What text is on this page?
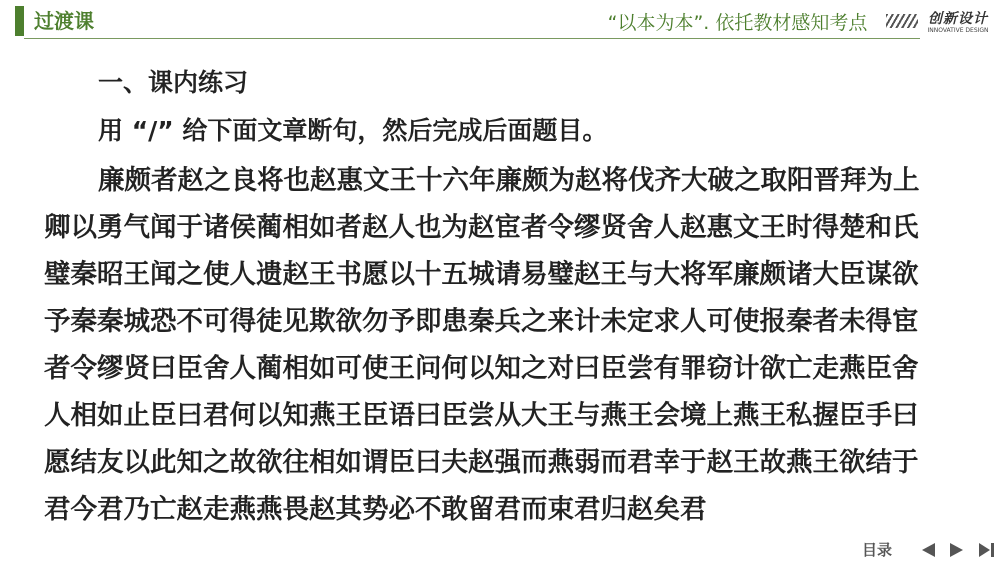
过渡课	“以本为本”. 依托教材感知考点	创新设计
INNOVATIVE DESIGN
一、课内练习
用 “/” 给下面文章断句，然后完成后面题目。
廉颇者赵之良将也赵惠文王十六年廉颇为赵将伐齐大破之取阳晋拜为上
卿以勇气闻于诸侯蔺相如者赵人也为赵宦者令缪贤舍人赵惠文王时得楚和氏
璧秦昭王闻之使人遗赵王书愿以十五城请易璧赵王与大将军廉颇诸大臣谋欲
予秦秦城恐不可得徒见欺欲勿予即患秦兵之来计未定求人可使报秦者未得宦
者令缪贤曰臣舍人蔺相如可使王问何以知之对曰臣尝有罪窃计欲亡走燕臣舍
人相如止臣曰君何以知燕王臣语曰臣尝从大王与燕王会境上燕王私握臣手曰
愿结友以此知之故欲往相如谓臣曰夫赵强而燕弱而君幸于赵王故燕王欲结于
君今君乃亡赵走燕燕畏赵其势必不敢留君而束君归赵矣君
目录
